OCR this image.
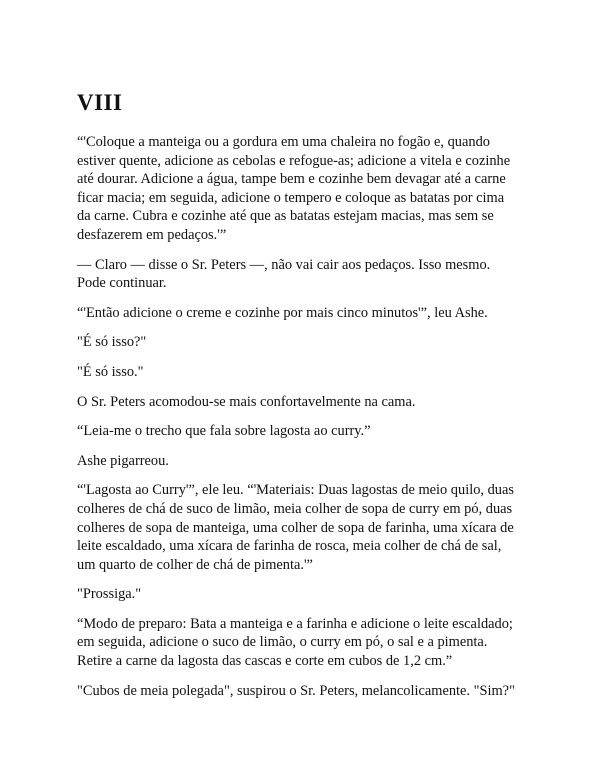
VIII

“'Coloque a manteiga ou a gordura em uma chaleira no fogão e, quando
estiver quente, adicione as cebolas e refogue-as; adicione a vitela e cozinhe
até dourar. Adicione a água, tampe bem e cozinhe bem devagar até a carne
ficar macia; em seguida, adicione o tempero e coloque as batatas por cima
da carne. Cubra e cozinhe até que as batatas estejam macias, mas sem se
desfazerem em pedaços.'”

— Claro — disse o Sr. Peters —, não vai cair aos pedaços. Isso mesmo.
Pode continuar.

“'Então adicione o creme e cozinhe por mais cinco minutos'”, leu Ashe.

"É só isso?"

"É só isso."

O Sr. Peters acomodou-se mais confortavelmente na cama.

“Leia-me o trecho que fala sobre lagosta ao curry.”

Ashe pigarreou.

“'Lagosta ao Curry'”, ele leu. “'Materiais: Duas lagostas de meio quilo, duas
colheres de chá de suco de limão, meia colher de sopa de curry em pó, duas
colheres de sopa de manteiga, uma colher de sopa de farinha, uma xícara de
leite escaldado, uma xícara de farinha de rosca, meia colher de chá de sal,
um quarto de colher de chá de pimenta.'”

"Prossiga."

“Modo de preparo: Bata a manteiga e a farinha e adicione o leite escaldado;
em seguida, adicione o suco de limão, o curry em pó, o sal e a pimenta.
Retire a carne da lagosta das cascas e corte em cubos de 1,2 cm.”

"Cubos de meia polegada", suspirou o Sr. Peters, melancolicamente. "Sim?"
